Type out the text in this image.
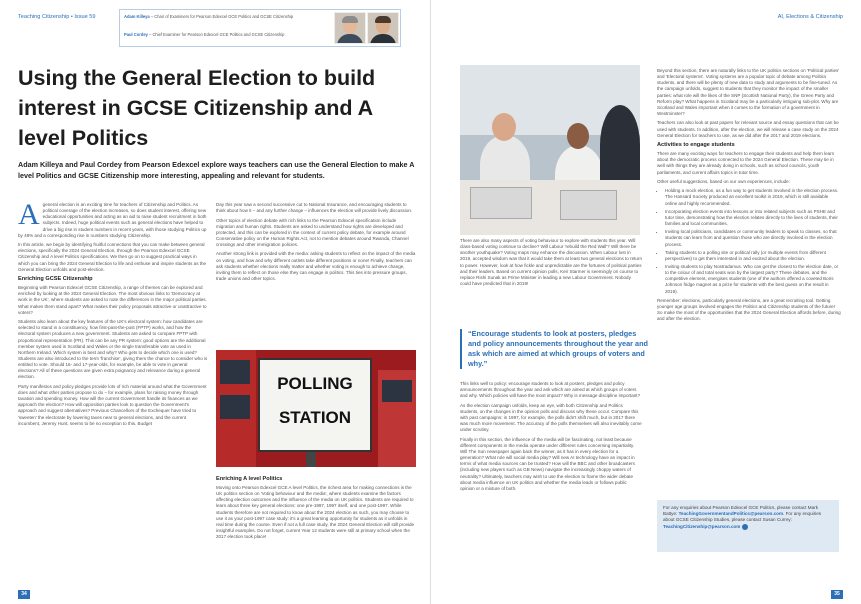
Teaching Citizenship • Issue 59	Adam Killeya – Chair of Examiners for Pearson Edexcel GCE Politics and GCSE Citizenship
Paul Cordey – Chief Examiner for Pearson Edexcel GCE Politics and GCSE Citizenship
Using the General Election to build interest in GCSE Citizenship and A level Politics
Adam Killeya and Paul Cordey from Pearson Edexcel explore ways teachers can use the General Election to make A level Politics and GCSE Citizenship more interesting, appealing and relevant for students.

Ageneral election is an exciting time for teachers of Citizenship and Politics. As political coverage of the election increases, so does student interest, offering new educational opportunities and acting as an aid to raise student recruitment in both subjects. Indeed, huge political events such as general elections have helped to drive a big rise in student numbers in recent years, with those studying Politics up by 48% and a corresponding rise in numbers studying Citizenship.

In this article, we begin by identifying fruitful connections that you can make between general elections, specifically the 2024 General Election, through the Pearson Edexcel GCSE Citizenship and A level Politics specifications. We then go on to suggest practical ways in which you can bring the 2024 General Election to life and enthuse and inspire students as the General Election unfolds and post-election.

Enriching GCSE Citizenship

Beginning with Pearson Edexcel GCSE Citizenship, a range of themes can be explored and enriched by looking at the 2024 General Election. The most obvious links to 'Democracy at work in the UK', where students are asked to note the differences in the major political parties. What makes them stand apart? What makes their policy proposals attractive or unattractive to voters?

Students also learn about the key features of the UK's electoral system: how candidates are selected to stand in a constituency, how first-past-the-post (FPTP) works, and how the electoral system produces a new government. Students are asked to compare FPTP with proportional representation (PR). This can be any PR system: good options are the additional member system used in Scotland and Wales or the single transferable vote as used in Northern Ireland. Which system is best and why? Who gets to decide which one is used? Students are also introduced to the term 'franchise', giving them the chance to consider who is entitled to vote. Should 16- and 17-year-olds, for example, be able to vote in general elections? All of these questions are given extra poignancy and relevance during a general election.

Party manifestos and policy pledges provide lots of rich material around what the Government does and what other parties propose to do – for example, plans for raising money through taxation and spending money. How will the current Government handle its finances as we approach the election? How will opposition parties look to question the Government's approach and suggest alternatives? Previous Chancellors of the Exchequer have tried to 'sweeten' the electorate by lowering taxes near to general elections, and the current incumbent, Jeremy Hunt, seems to be no exception to this. Budget

Day this year saw a second successive cut to National Insurance, and encouraging students to think about how it – and any further change – influences the election will provide lively discussion.

Other topics of election debate with rich links to the Pearson Edexcel specification include migration and human rights. Students are asked to understand how rights are developed and protected, and this can be explored in the context of current policy debate, for example around Conservative policy on the Human Rights Act, not to mention debates around Rwanda, Channel crossings and other immigration policies.

Another strong link is provided with the media: asking students to reflect on the impact of the media on voting, and how and why different outlets take different positions or none! Finally, teachers can ask students whether elections really matter and whether voting is enough to achieve change, inviting them to reflect on those else they can engage in politics. This ties into pressure groups, trade unions and other topics.

POLLING
STATION
Enriching A level Politics

Moving onto Pearson Edexcel GCE A level Politics, the richest area for making connections is the UK politics section on 'Voting behaviour and the media', where students examine the factors affecting election outcomes and the influence of the media on UK politics. Students are required to learn about three key general elections: one pre-1997, 1997 itself, and one post-1997. While students therefore are not required to know about the 2024 election as such, you may choose to use it as your post-1997 case study: it's a great learning opportunity for students as it unfolds in real time during the course. Even if not a full case study, the 2024 General Election will still provide insightful examples. Do not forget, current Year 12 students were still at primary school when the 2017 election took place!

34
AI, Elections & Citizenship

There are also many aspects of voting behaviour to explore with students this year. Will class-based voting continue to decline? Will Labour 'rebuild the Red Wall'? Will there be another youthquake? Voting maps may enhance the discussion. When Labour lost in 2019, accepted wisdom was that it would take them at least two general elections to return to power. However, look at how fickle and unpredictable are the fortunes of political parties and their leaders. Based on current opinion polls, Keir Starmer is seemingly on course to replace Rishi Sunak as Prime Minister in leading a new Labour Government. Nobody could have predicted that in 2019!

“Encourage students to look at posters, pledges and policy announcements throughout the year and ask which are aimed at which groups of voters and why.”

This links well to policy: encourage students to look at posters, pledges and policy announcements throughout the year and ask which are aimed at which groups of voters and why. Which policies will have the most impact? Why is message discipline important?

As the election campaign unfolds, keep an eye, with both Citizenship and Politics students, on the changes in the opinion polls and discuss why these occur. Compare this with past campaigns: in 1997, for example, the polls didn't shift much, but in 2017 there was much more movement. The accuracy of the polls themselves will also inevitably come under scrutiny.

Finally in this section, the influence of the media will be fascinating, not least because different components in the media operate under different rules concerning impartiality. Will The Sun newspaper again back the winner, as it has in every election for a generation? What role will social media play? Will new AI technology have an impact in terms of what media sources can be trusted? How will the BBC and other broadcasters (including new players such as GB News) navigate the increasingly choppy waters of neutrality? Ultimately, teachers may wish to use the election to frame the wider debate about media influence on UK politics and whether the media leads or follows public opinion or a mixture of both.

Beyond this section, there are naturally links to the UK politics sections on 'Political parties' and 'Electoral systems'. Voting systems are a popular topic of debate among Politics students, and there will be plenty of new data to study and arguments to be fine-tuned. As the campaign unfolds, suggest to students that they monitor the impact of the smaller parties: what role will the likes of the SNP (Scottish National Party), the Green Party and Reform play? What happens in Scotland may be a particularly intriguing sub-plot. Why are Scotland and Wales important when it comes to the formation of a government in Westminster?

Teachers can also look at past papers for relevant source and essay questions that can be used with students. In addition, after the election, we will release a case study on the 2024 General Election for teachers to use, as we did after the 2017 and 2019 elections.

Activities to engage students

There are many exciting ways for teachers to engage their students and help them learn about the democratic process connected to the 2024 General Election. These may tie in well with things they are already doing in schools, such as school councils, youth parliaments, and current affairs topics in tutor time.

Other useful suggestions, based on our own experiences, include:

• Holding a mock election, as a fun way to get students involved in the election process. The Hansard Society produced an excellent toolkit in 2019, which is still available online and highly recommended.
• Incorporating election events into lessons or into related subjects such as PSHE and tutor time, demonstrating how the election relates directly to the lives of students, their families and local communities.
• Inviting local politicians, candidates or community leaders to speak to classes, so that students can learn from and question those who are directly involved in the election process.
• Taking students to a polling site or political rally (or multiple events from different perspectives) to get them interested in and excited about the election.
• Inviting students to play Nostradamus. Who can get the closest to the election date, or to the colour of and total seats won by the largest party? These debates, and the competitive element, energises students (one of the authors offered a coveted Boris Johnson fridge magnet as a prize for students with the best guess on the result in 2019).

Remember: elections, particularly general elections, are a great recruiting tool. Getting younger age groups involved engages the Politics and Citizenship students of the future! So make the most of the opportunities that the 2024 General Election affords before, during and after the election.

For any enquiries about Pearson Edexcel GCE Politics, please contact Mark Battye: TeachingGovernmentandPolitics@pearson.com. For any enquiries about GCSE Citizenship Studies, please contact Susan Currey: TeachingCitizenship@pearson.com
35
